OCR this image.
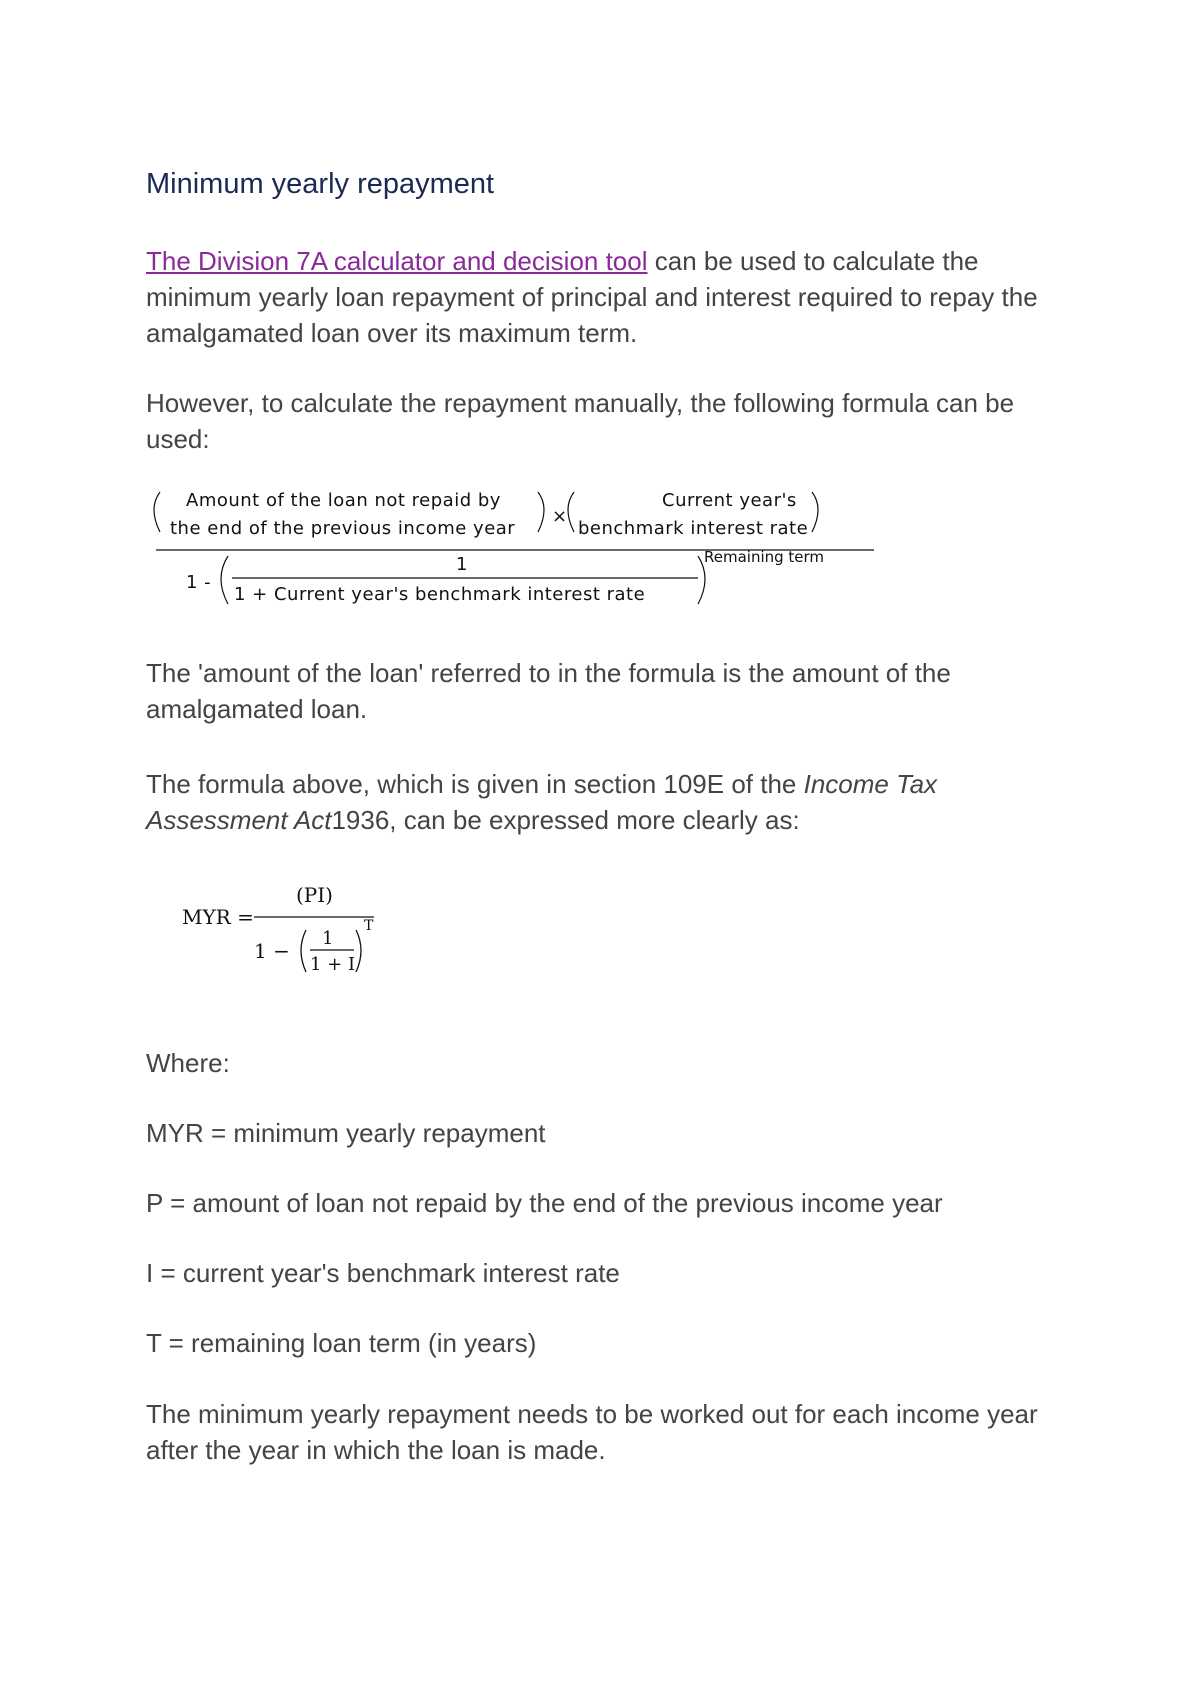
Minimum yearly repayment

The Division 7A calculator and decision tool can be used to calculate the minimum yearly loan repayment of principal and interest required to repay the amalgamated loan over its maximum term.

However, to calculate the repayment manually, the following formula can be used:

Amount of the loan not repaid by
the end of the previous income year
×
Current year's
benchmark interest rate
Remaining term
1 -
1
1 + Current year's benchmark interest rate

The 'amount of the loan' referred to in the formula is the amount of the amalgamated loan.

The formula above, which is given in section 109E of the Income Tax Assessment Act1936, can be expressed more clearly as:

MYR =
(PI)
1 −
1
1 + I
T

Where:

MYR = minimum yearly repayment

P = amount of loan not repaid by the end of the previous income year

I = current year's benchmark interest rate

T = remaining loan term (in years)

The minimum yearly repayment needs to be worked out for each income year after the year in which the loan is made.
